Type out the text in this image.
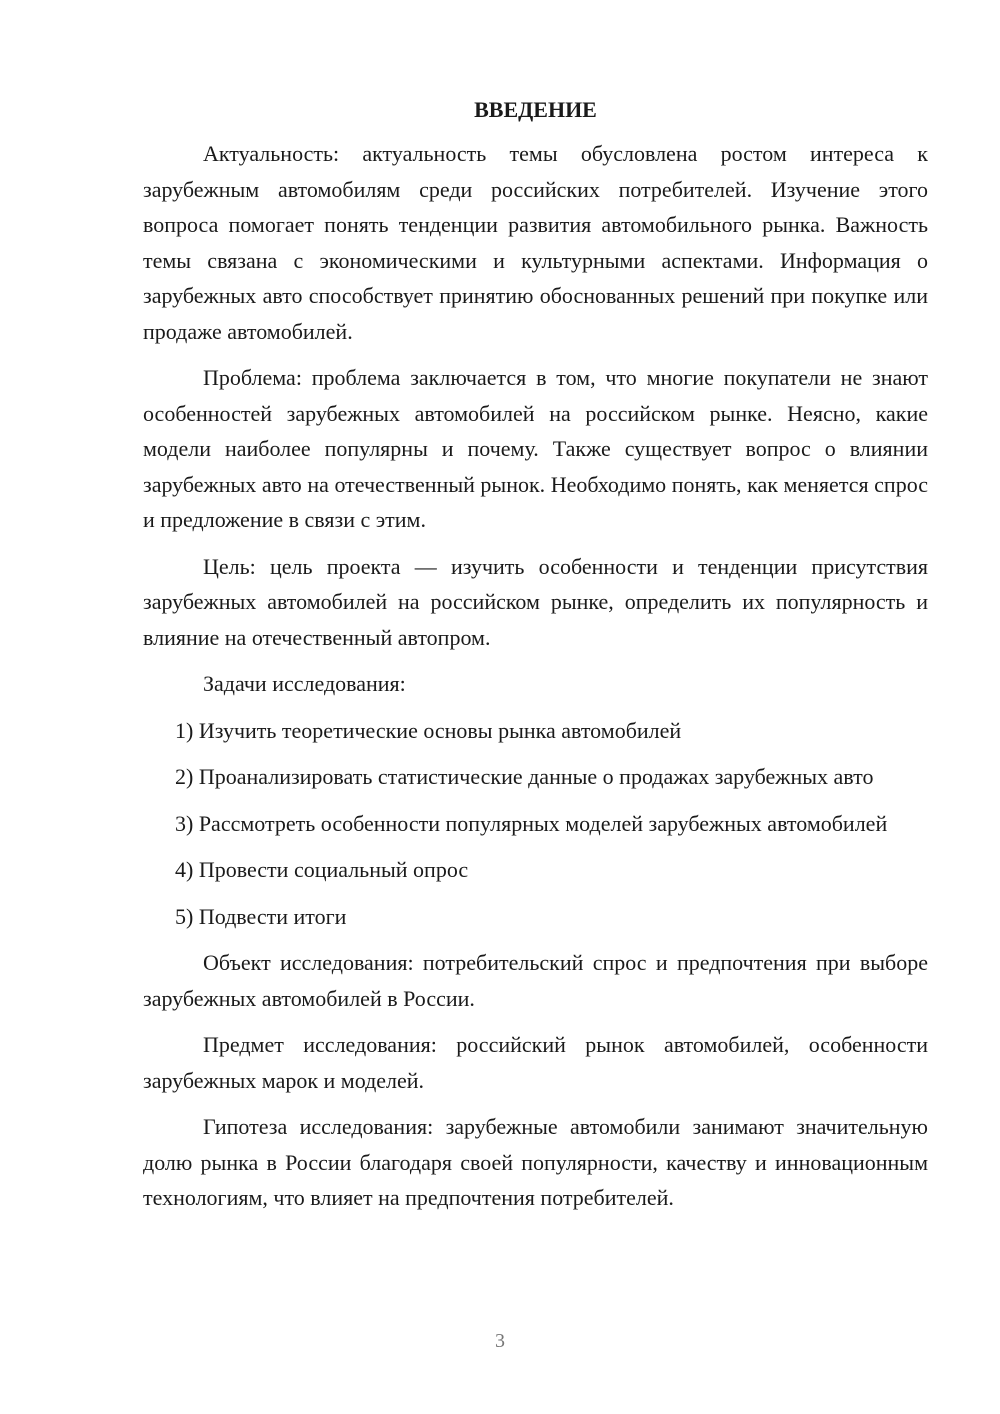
ВВЕДЕНИЕ

Актуальность: актуальность темы обусловлена ростом интереса к зарубежным автомобилям среди российских потребителей. Изучение этого вопроса помогает понять тенденции развития автомобильного рынка. Важность темы связана с экономическими и культурными аспектами. Информация о зарубежных авто способствует принятию обоснованных решений при покупке или продаже автомобилей.

Проблема: проблема заключается в том, что многие покупатели не знают особенностей зарубежных автомобилей на российском рынке. Неясно, какие модели наиболее популярны и почему. Также существует вопрос о влиянии зарубежных авто на отечественный рынок. Необходимо понять, как меняется спрос и предложение в связи с этим.

Цель: цель проекта — изучить особенности и тенденции присутствия зарубежных автомобилей на российском рынке, определить их популярность и влияние на отечественный автопром.

Задачи исследования:

1) Изучить теоретические основы рынка автомобилей

2) Проанализировать статистические данные о продажах зарубежных авто

3) Рассмотреть особенности популярных моделей зарубежных автомобилей

4) Провести социальный опрос

5) Подвести итоги

Объект исследования: потребительский спрос и предпочтения при выборе зарубежных автомобилей в России.

Предмет исследования: российский рынок автомобилей, особенности зарубежных марок и моделей.

Гипотеза исследования: зарубежные автомобили занимают значительную долю рынка в России благодаря своей популярности, качеству и инновационным технологиям, что влияет на предпочтения потребителей.

3
